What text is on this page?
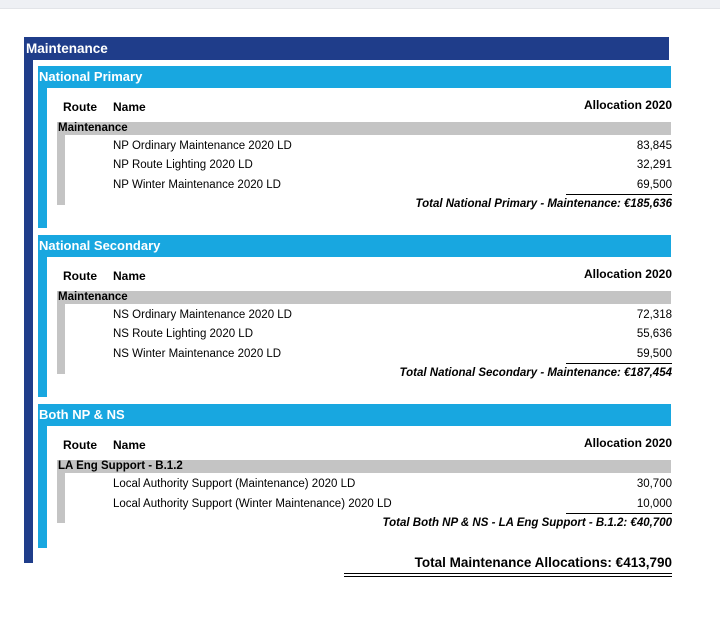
Maintenance
National Primary
Route Name	Allocation 2020
Maintenance
NP Ordinary Maintenance 2020 LD	83,845
NP Route Lighting 2020 LD	32,291
NP Winter Maintenance 2020 LD	69,500
Total National Primary - Maintenance: €185,636
National Secondary
Route Name	Allocation 2020
Maintenance
NS Ordinary Maintenance 2020 LD	72,318
NS Route Lighting 2020 LD	55,636
NS Winter Maintenance 2020 LD	59,500
Total National Secondary - Maintenance: €187,454
Both NP & NS
Route Name	Allocation 2020
LA Eng Support - B.1.2
Local Authority Support (Maintenance) 2020 LD	30,700
Local Authority Support (Winter Maintenance) 2020 LD	10,000
Total Both NP & NS - LA Eng Support - B.1.2: €40,700
Total Maintenance Allocations: €413,790
